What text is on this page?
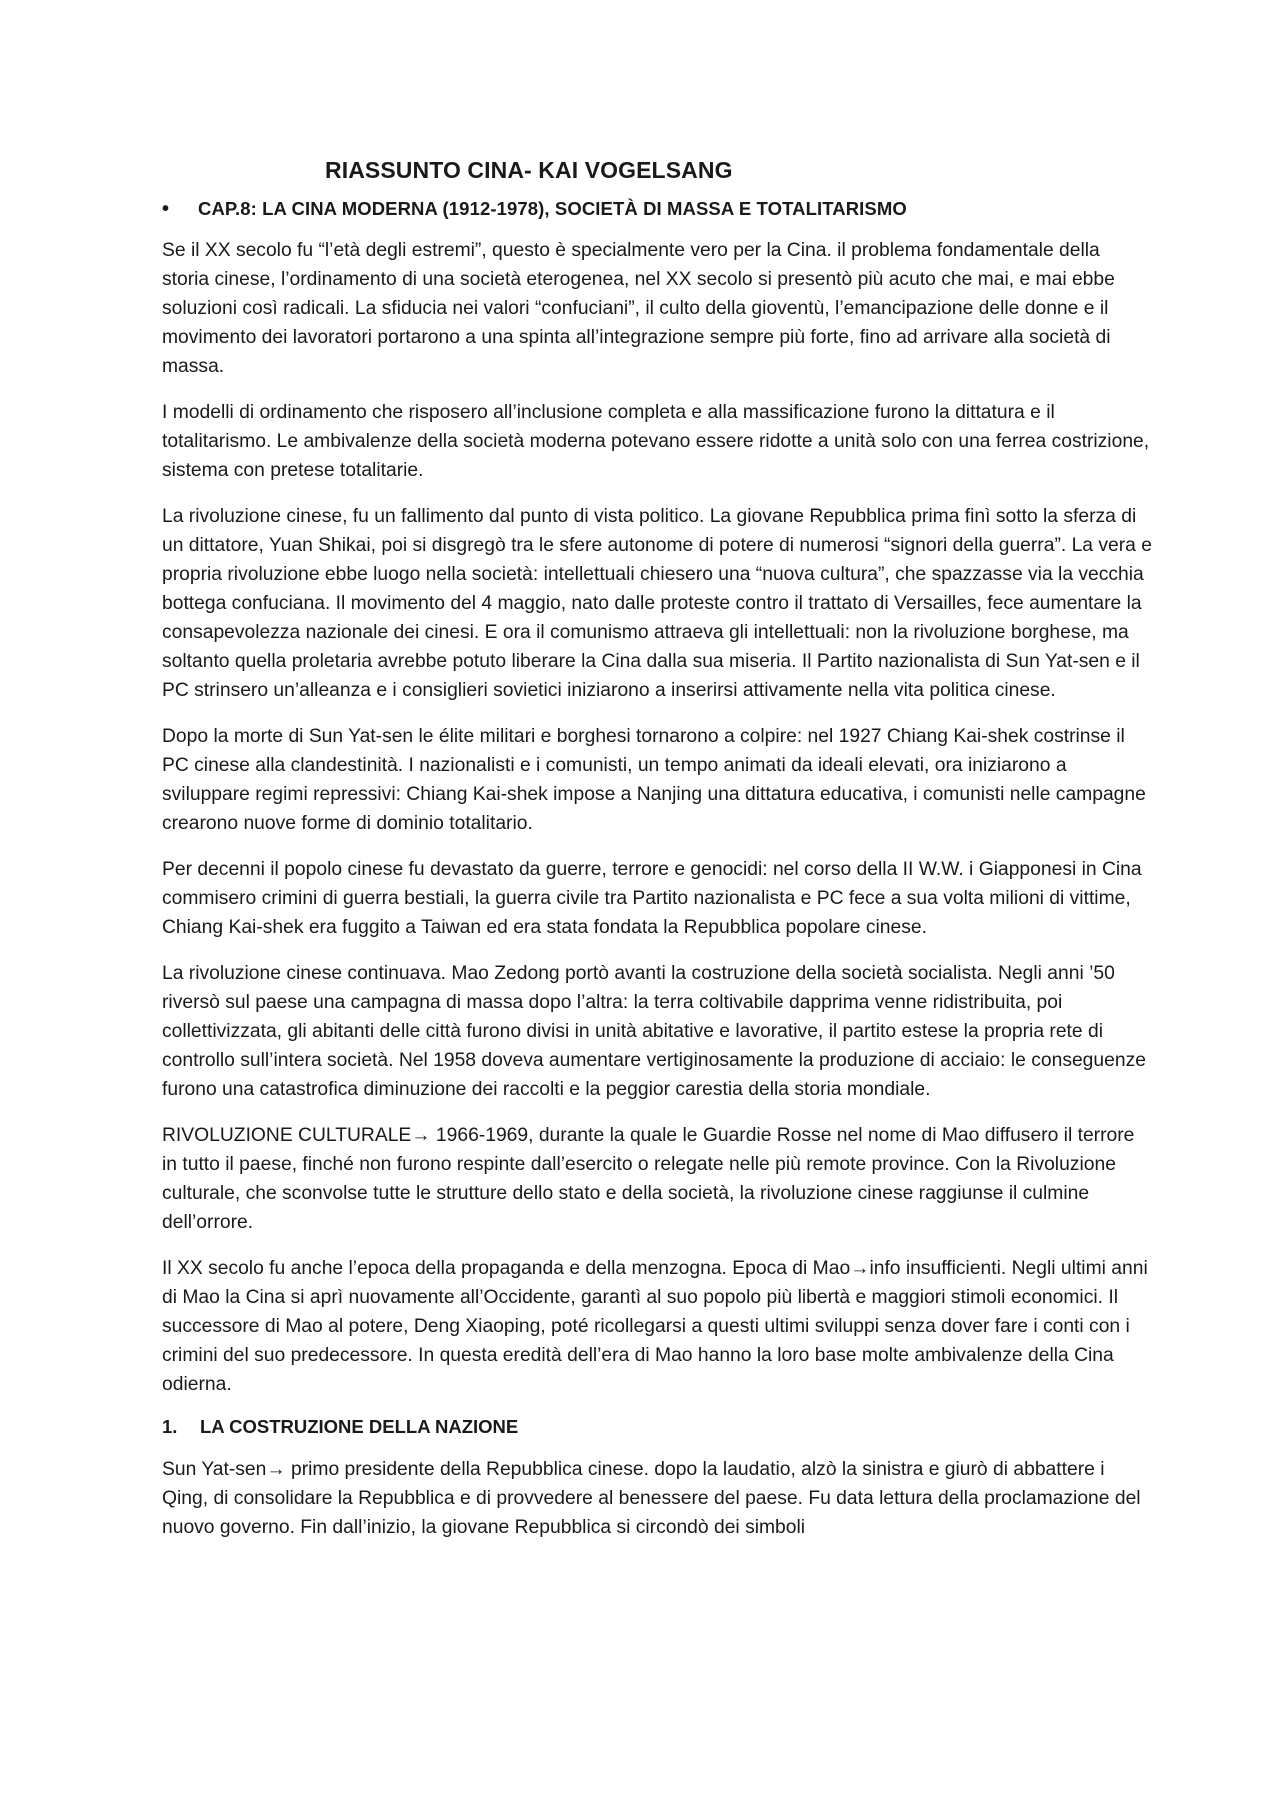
RIASSUNTO CINA- KAI VOGELSANG
•	CAP.8: LA CINA MODERNA (1912-1978), SOCIETÀ DI MASSA E TOTALITARISMO

Se il XX secolo fu “l’età degli estremi”, questo è specialmente vero per la Cina. il problema fondamentale della storia cinese, l’ordinamento di una società eterogenea, nel XX secolo si presentò più acuto che mai, e mai ebbe soluzioni così radicali. La sfiducia nei valori “confuciani”, il culto della gioventù, l’emancipazione delle donne e il movimento dei lavoratori portarono a una spinta all’integrazione sempre più forte, fino ad arrivare alla società di massa.

I modelli di ordinamento che risposero all’inclusione completa e alla massificazione furono la dittatura e il totalitarismo. Le ambivalenze della società moderna potevano essere ridotte a unità solo con una ferrea costrizione, sistema con pretese totalitarie.

La rivoluzione cinese, fu un fallimento dal punto di vista politico. La giovane Repubblica prima finì sotto la sferza di un dittatore, Yuan Shikai, poi si disgregò tra le sfere autonome di potere di numerosi “signori della guerra”. La vera e propria rivoluzione ebbe luogo nella società: intellettuali chiesero una “nuova cultura”, che spazzasse via la vecchia bottega confuciana. Il movimento del 4 maggio, nato dalle proteste contro il trattato di Versailles, fece aumentare la consapevolezza nazionale dei cinesi. E ora il comunismo attraeva gli intellettuali: non la rivoluzione borghese, ma soltanto quella proletaria avrebbe potuto liberare la Cina dalla sua miseria. Il Partito nazionalista di Sun Yat-sen e il PC strinsero un’alleanza e i consiglieri sovietici iniziarono a inserirsi attivamente nella vita politica cinese.

Dopo la morte di Sun Yat-sen le élite militari e borghesi tornarono a colpire: nel 1927 Chiang Kai-shek costrinse il PC cinese alla clandestinità. I nazionalisti e i comunisti, un tempo animati da ideali elevati, ora iniziarono a sviluppare regimi repressivi: Chiang Kai-shek impose a Nanjing una dittatura educativa, i comunisti nelle campagne crearono nuove forme di dominio totalitario.

Per decenni il popolo cinese fu devastato da guerre, terrore e genocidi: nel corso della II W.W. i Giapponesi in Cina commisero crimini di guerra bestiali, la guerra civile tra Partito nazionalista e PC fece a sua volta milioni di vittime, Chiang Kai-shek era fuggito a Taiwan ed era stata fondata la Repubblica popolare cinese.

La rivoluzione cinese continuava. Mao Zedong portò avanti la costruzione della società socialista. Negli anni ’50 riversò sul paese una campagna di massa dopo l’altra: la terra coltivabile dapprima venne ridistribuita, poi collettivizzata, gli abitanti delle città furono divisi in unità abitative e lavorative, il partito estese la propria rete di controllo sull’intera società. Nel 1958 doveva aumentare vertiginosamente la produzione di acciaio: le conseguenze furono una catastrofica diminuzione dei raccolti e la peggior carestia della storia mondiale.

RIVOLUZIONE CULTURALE→ 1966-1969, durante la quale le Guardie Rosse nel nome di Mao diffusero il terrore in tutto il paese, finché non furono respinte dall’esercito o relegate nelle più remote province. Con la Rivoluzione culturale, che sconvolse tutte le strutture dello stato e della società, la rivoluzione cinese raggiunse il culmine dell’orrore.

Il XX secolo fu anche l’epoca della propaganda e della menzogna. Epoca di Mao→info insufficienti. Negli ultimi anni di Mao la Cina si aprì nuovamente all’Occidente, garantì al suo popolo più libertà e maggiori stimoli economici. Il successore di Mao al potere, Deng Xiaoping, poté ricollegarsi a questi ultimi sviluppi senza dover fare i conti con i crimini del suo predecessore. In questa eredità dell’era di Mao hanno la loro base molte ambivalenze della Cina odierna.

1.	LA COSTRUZIONE DELLA NAZIONE

Sun Yat-sen→ primo presidente della Repubblica cinese. dopo la laudatio, alzò la sinistra e giurò di abbattere i Qing, di consolidare la Repubblica e di provvedere al benessere del paese. Fu data lettura della proclamazione del nuovo governo. Fin dall’inizio, la giovane Repubblica si circondò dei simboli
